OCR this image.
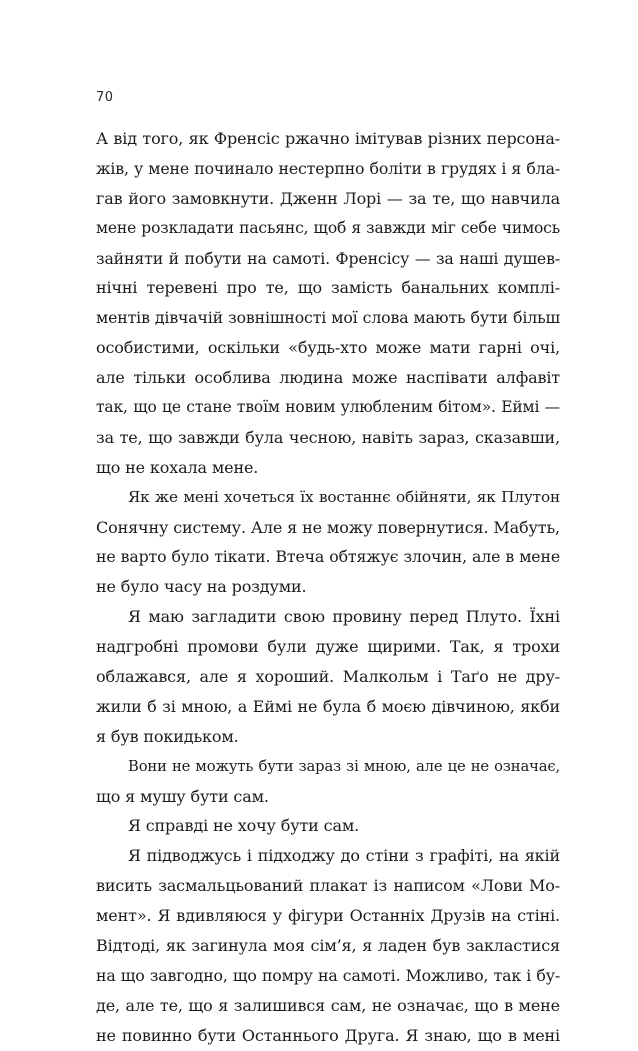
70
А від того, як Френсіс ржачно імітував різних персона-
жів, у мене починало нестерпно боліти в грудях і я бла-
гав його замовкнути. Дженн Лорі — за те, що навчила
мене розкладати пасьянс, щоб я завжди міг себе чимось
зайняти й побути на самоті. Френсісу — за наші душев-
нічні теревені про те, що замість банальних комплі-
ментів дівчачій зовнішності мої слова мають бути більш
особистими, оскільки «будь-хто може мати гарні очі,
але тільки особлива людина може наспівати алфавіт
так, що це стане твоїм новим улюбленим бітом». Еймі —
за те, що завжди була чесною, навіть зараз, сказавши,
що не кохала мене.
Як же мені хочеться їх востаннє обійняти, як Плутон
Сонячну систему. Але я не можу повернутися. Мабуть,
не варто було тікати. Втеча обтяжує злочин, але в мене
не було часу на роздуми.
Я маю загладити свою провину перед Плуто. Їхні
надгробні промови були дуже щирими. Так, я трохи
облажався, але я хороший. Малкольм і Таґо не дру-
жили б зі мною, а Еймі не була б моєю дівчиною, якби
я був покидьком.
Вони не можуть бути зараз зі мною, але це не означає,
що я мушу бути сам.
Я справді не хочу бути сам.
Я підводжусь і підходжу до стіни з графіті, на якій
висить засмальцьований плакат із написом «Лови Мо-
мент». Я вдивляюся у фігури Останніх Друзів на стіні.
Відтоді, як загинула моя сім’я, я ладен був закластися
на що завгодно, що помру на самоті. Можливо, так і бу-
де, але те, що я залишився сам, не означає, що в мене
не повинно бути Останнього Друга. Я знаю, що в мені
